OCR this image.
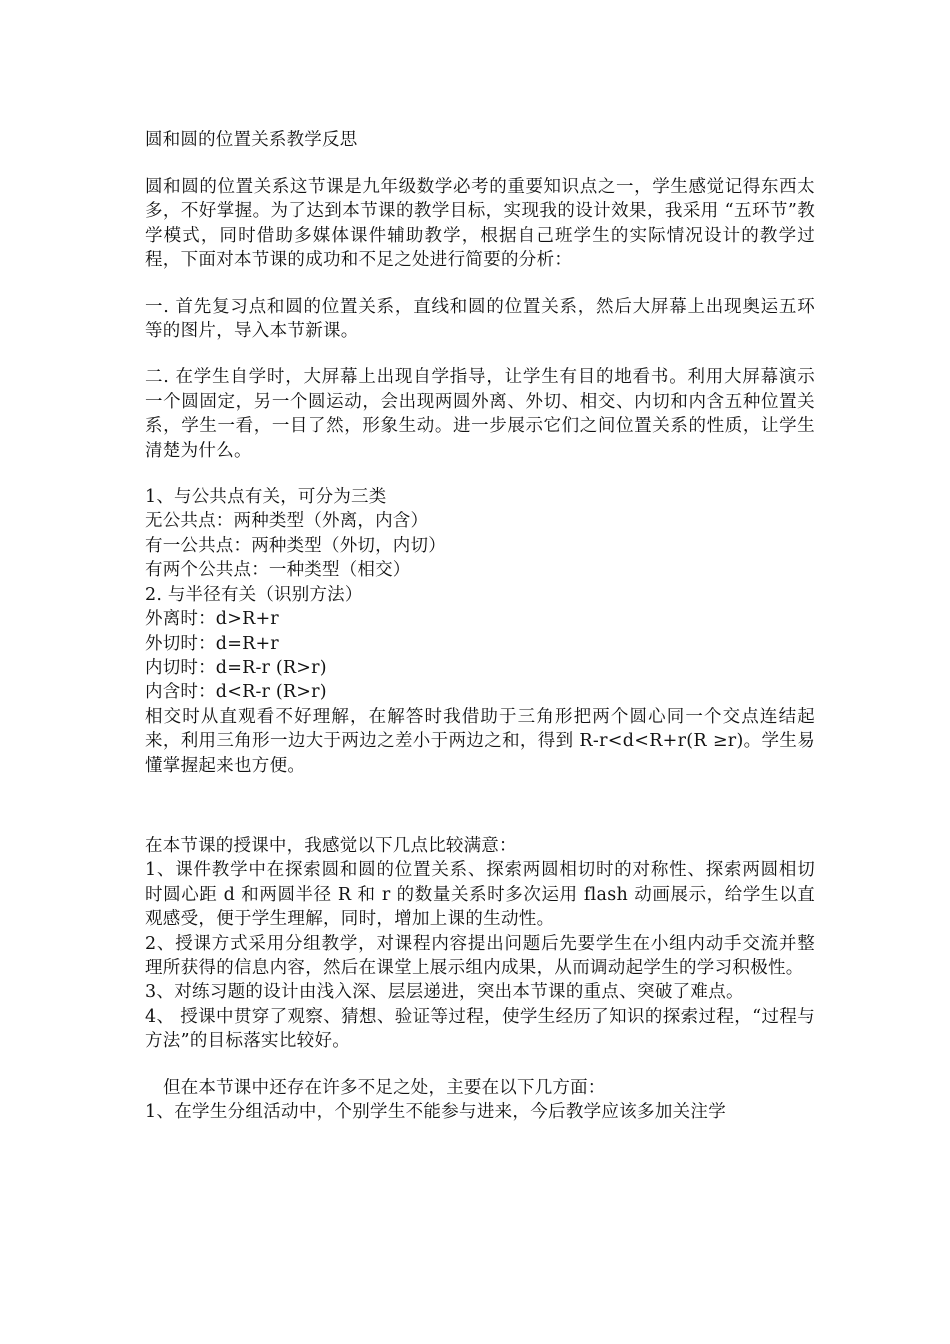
圆和圆的位置关系教学反思

圆和圆的位置关系这节课是九年级数学必考的重要知识点之一，学生感觉记得东西太多，不好掌握。为了达到本节课的教学目标，实现我的设计效果，我采用 “五环节”教学模式，同时借助多媒体课件辅助教学，根据自己班学生的实际情况设计的教学过程，下面对本节课的成功和不足之处进行简要的分析：

一. 首先复习点和圆的位置关系，直线和圆的位置关系，然后大屏幕上出现奥运五环等的图片，导入本节新课。

二. 在学生自学时，大屏幕上出现自学指导，让学生有目的地看书。利用大屏幕演示一个圆固定，另一个圆运动，会出现两圆外离、外切、相交、内切和内含五种位置关系，学生一看，一目了然，形象生动。进一步展示它们之间位置关系的性质，让学生清楚为什么。

1、与公共点有关，可分为三类
无公共点：两种类型（外离，内含）
有一公共点：两种类型（外切，内切）
有两个公共点：一种类型（相交）
2. 与半径有关（识别方法）
外离时：d>R+r
外切时：d=R+r
内切时：d=R-r (R>r)
内含时：d<R-r (R>r)

相交时从直观看不好理解，在解答时我借助于三角形把两个圆心同一个交点连结起来，利用三角形一边大于两边之差小于两边之和，得到 R-r<d<R+r(R ≥r)。学生易懂掌握起来也方便。

在本节课的授课中，我感觉以下几点比较满意：

1、课件教学中在探索圆和圆的位置关系、探索两圆相切时的对称性、探索两圆相切时圆心距 d 和两圆半径 R 和 r 的数量关系时多次运用 flash 动画展示，给学生以直观感受，便于学生理解，同时，增加上课的生动性。

2、授课方式采用分组教学，对课程内容提出问题后先要学生在小组内动手交流并整理所获得的信息内容，然后在课堂上展示组内成果，从而调动起学生的学习积极性。

3、对练习题的设计由浅入深、层层递进，突出本节课的重点、突破了难点。

4、 授课中贯穿了观察、猜想、验证等过程，使学生经历了知识的探索过程，“过程与方法”的目标落实比较好。

但在本节课中还存在许多不足之处，主要在以下几方面：

1、在学生分组活动中，个别学生不能参与进来，今后教学应该多加关注学
